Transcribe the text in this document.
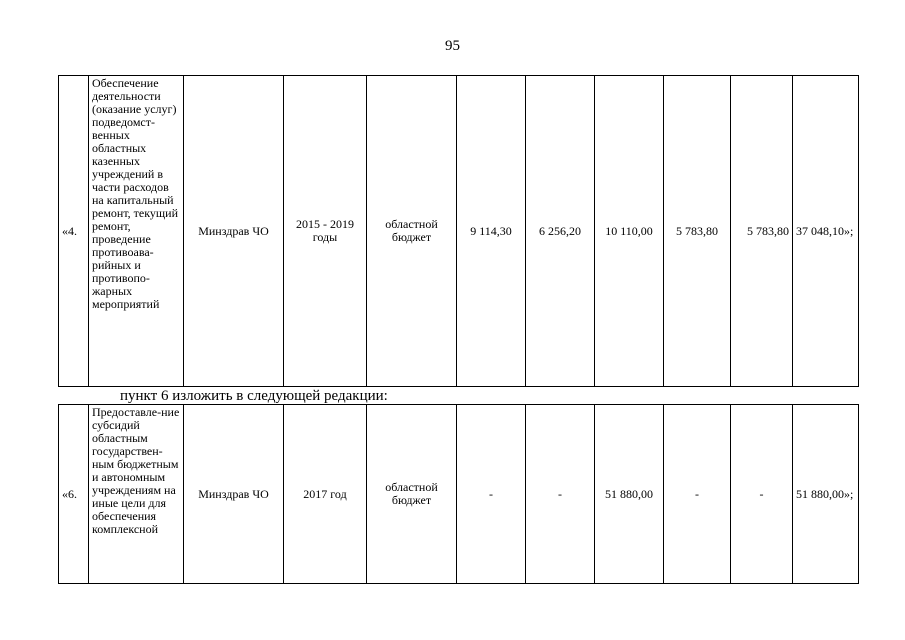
95
«4.	Обеспечение деятельности (оказание услуг) подведомст-венных областных казенных учреждений в части расходов на капитальный ремонт, текущий ремонт, проведение противоава-рийных и противопо-жарных мероприятий	Минздрав ЧО	2015 - 2019 годы	областной бюджет	9 114,30	6 256,20	10 110,00	5 783,80	5 783,80	37 048,10»;
пункт 6 изложить в следующей редакции:
«6.	Предоставле-ние субсидий областным государствен-ным бюджетным и автономным учреждениям на иные цели для обеспечения комплексной	Минздрав ЧО	2017 год	областной бюджет	-	-	51 880,00	-	-	51 880,00»;
